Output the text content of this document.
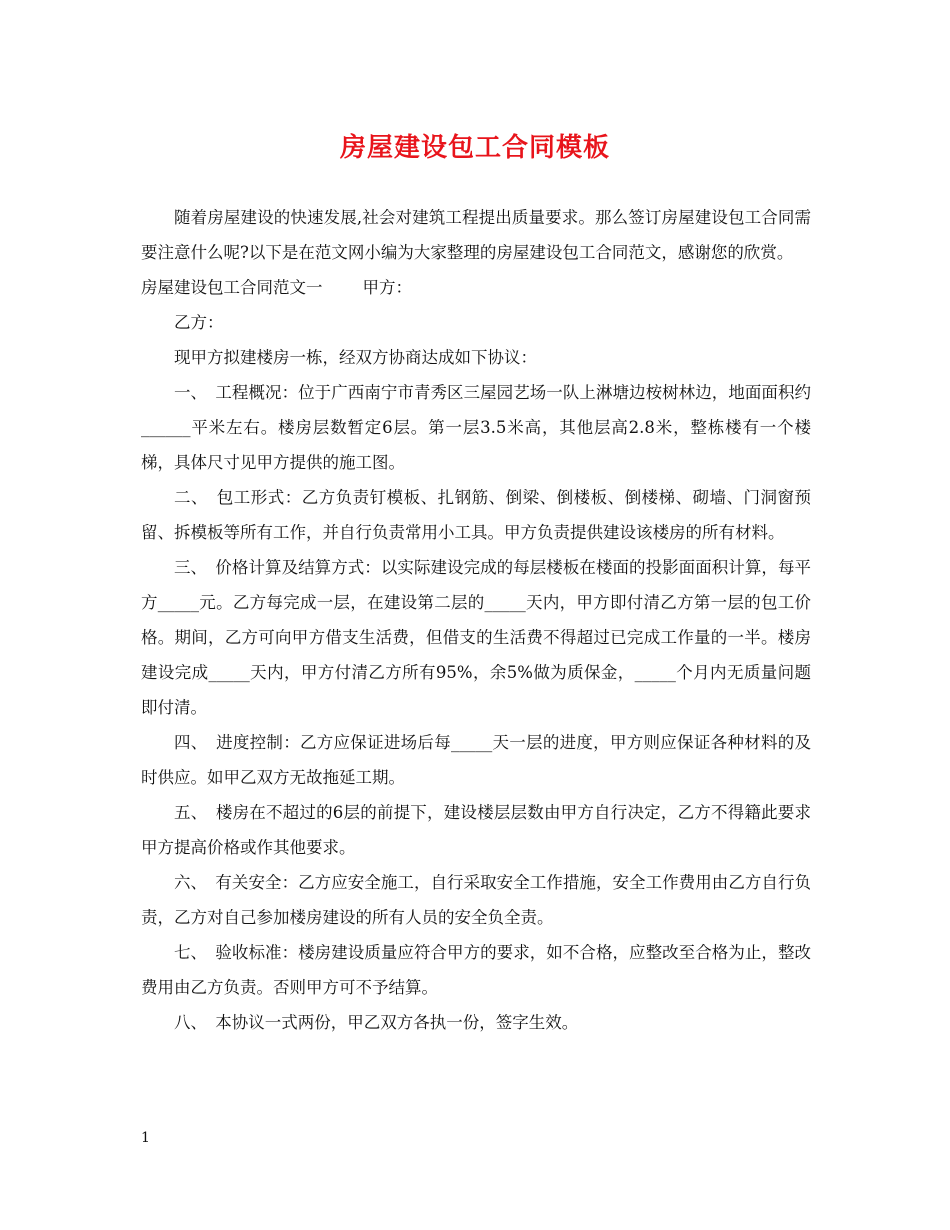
房屋建设包工合同模板

随着房屋建设的快速发展,社会对建筑工程提出质量要求。那么签订房屋建设包工合同需要注意什么呢?以下是在范文网小编为大家整理的房屋建设包工合同范文，感谢您的欣赏。

房屋建设包工合同范文一 甲方：

乙方：

现甲方拟建楼房一栋，经双方协商达成如下协议：

一、　工程概况：位于广西南宁市青秀区三屋园艺场一队上淋塘边桉树林边，地面面积约______平米左右。楼房层数暂定6层。第一层3.5米高，其他层高2.8米，整栋楼有一个楼梯，具体尺寸见甲方提供的施工图。

二、　包工形式：乙方负责钉模板、扎钢筋、倒梁、倒楼板、倒楼梯、砌墙、门洞窗预留、拆模板等所有工作，并自行负责常用小工具。甲方负责提供建设该楼房的所有材料。

三、　价格计算及结算方式：以实际建设完成的每层楼板在楼面的投影面面积计算，每平方_____元。乙方每完成一层，在建设第二层的_____天内，甲方即付清乙方第一层的包工价格。期间，乙方可向甲方借支生活费，但借支的生活费不得超过已完成工作量的一半。楼房建设完成_____天内，甲方付清乙方所有95%，余5%做为质保金，_____个月内无质量问题即付清。

四、　进度控制：乙方应保证进场后每_____天一层的进度，甲方则应保证各种材料的及时供应。如甲乙双方无故拖延工期。

五、　楼房在不超过的6层的前提下，建设楼层层数由甲方自行决定，乙方不得籍此要求甲方提高价格或作其他要求。

六、　有关安全：乙方应安全施工，自行采取安全工作措施，安全工作费用由乙方自行负责，乙方对自己参加楼房建设的所有人员的安全负全责。

七、　验收标准：楼房建设质量应符合甲方的要求，如不合格，应整改至合格为止，整改费用由乙方负责。否则甲方可不予结算。

八、　本协议一式两份，甲乙双方各执一份，签字生效。

1
